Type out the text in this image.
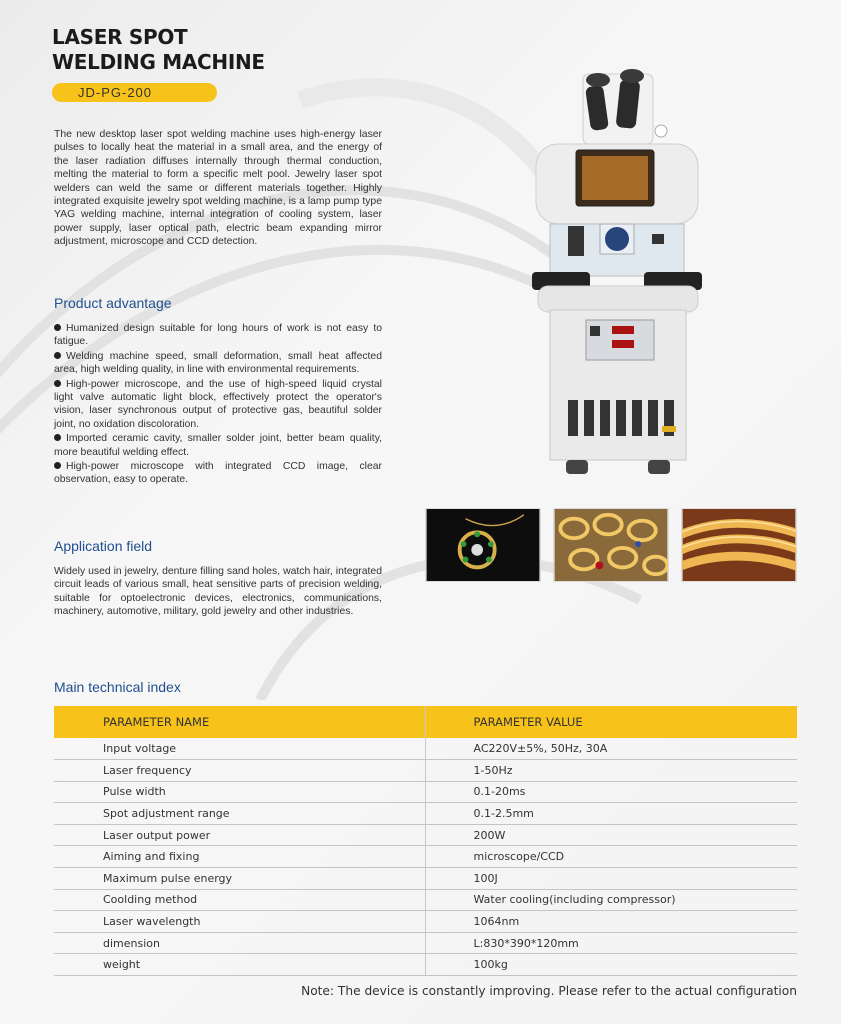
LASER SPOT
WELDING MACHINE
JD-PG-200

The new desktop laser spot welding machine uses high-energy laser pulses to locally heat the material in a small area, and the energy of the laser radiation diffuses internally through thermal conduction, melting the material to form a specific melt pool. Jewelry laser spot welders can weld the same or different materials together. Highly integrated exquisite jewelry spot welding machine, is a lamp pump type YAG welding machine, internal integration of cooling system, laser power supply, laser optical path, electric beam expanding mirror adjustment, microscope and CCD detection.

Product advantage
Humanized design suitable for long hours of work is not easy to fatigue.
Welding machine speed, small deformation, small heat affected area, high welding quality, in line with environmental requirements.
High-power microscope, and the use of high-speed liquid crystal light valve automatic light block, effectively protect the operator's vision, laser synchronous output of protective gas, beautiful solder joint, no oxidation discoloration.
Imported ceramic cavity, smaller solder joint, better beam quality, more beautiful welding effect.
High-power microscope with integrated CCD image, clear observation, easy to operate.
Application field

Widely used in jewelry, denture filling sand holes, watch hair, integrated circuit leads of various small, heat sensitive parts of precision welding, suitable for optoelectronic devices, electronics, communications, machinery, automotive, military, gold jewelry and other industries.

Main technical index
PARAMETER NAME	PARAMETER VALUE
Input voltage	AC220V±5%, 50Hz, 30A
Laser frequency	1-50Hz
Pulse width	0.1-20ms
Spot adjustment range	0.1-2.5mm
Laser output power	200W
Aiming and fixing	microscope/CCD
Maximum pulse energy	100J
Coolding method	Water cooling(including compressor)
Laser wavelength	1064nm
dimension	L:830*390*120mm
weight	100kg
Note: The device is constantly improving. Please refer to the actual configuration
